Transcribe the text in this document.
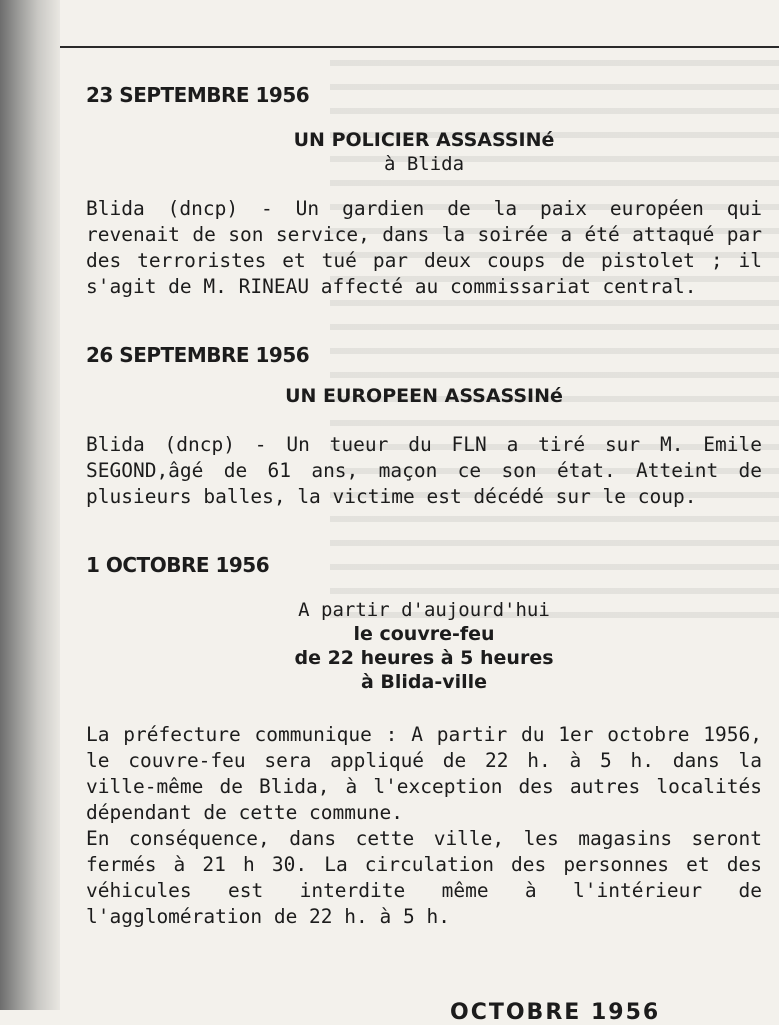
23 SEPTEMBRE 1956
UN POLICIER ASSASSINé
à Blida

Blida (dncp) - Un gardien de la paix européen qui revenait de son service, dans la soirée a été attaqué par des terroristes et tué par deux coups de pistolet ; il s'agit de M. RINEAU affecté au commissariat central.

26 SEPTEMBRE 1956
UN EUROPEEN ASSASSINé

Blida (dncp) - Un tueur du FLN a tiré sur M. Emile SEGOND,âgé de 61 ans, maçon ce son état. Atteint de plusieurs balles, la victime est décédé sur le coup.

1 OCTOBRE 1956
A partir d'aujourd'hui
le couvre-feu
de 22 heures à 5 heures
à Blida-ville

La préfecture communique : A partir du 1er octobre 1956, le couvre-feu sera appliqué de 22 h. à 5 h. dans la ville-même de Blida, à l'exception des autres localités dépendant de cette commune.

En conséquence, dans cette ville, les magasins seront fermés à 21 h 30. La circulation des personnes et des véhicules est interdite même à l'intérieur de l'agglomération de 22 h. à 5 h.

OCTOBRE 1956
